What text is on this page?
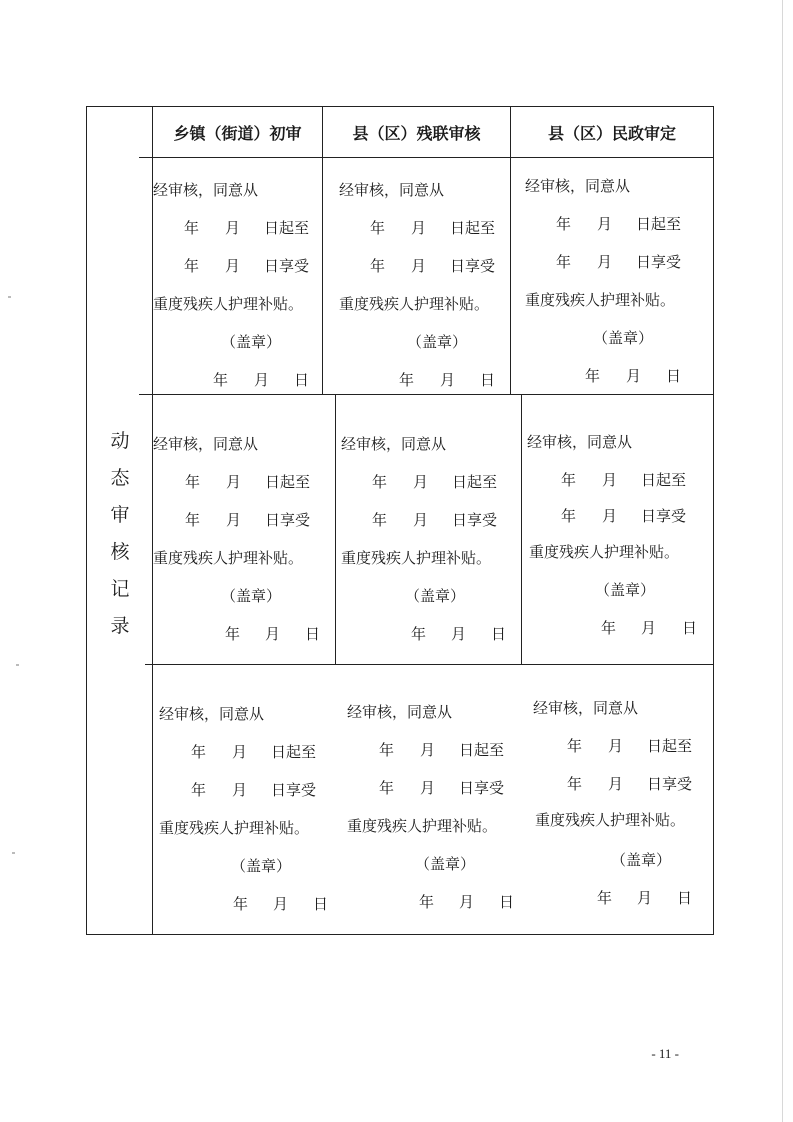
动
态
审
核
记
录
乡镇（街道）初审	县（区）残联审核	县（区）民政审定
经审核，同意从
年 月 日起至
年 月 日享受
重度残疾人护理补贴。
（盖章）
年 月 日
经审核，同意从
年 月 日起至
年 月 日享受
重度残疾人护理补贴。
（盖章）
年 月 日
经审核，同意从
年 月 日起至
年 月 日享受
重度残疾人护理补贴。
（盖章）
年 月 日
经审核，同意从
年 月 日起至
年 月 日享受
重度残疾人护理补贴。
（盖章）
年 月 日
经审核，同意从
年 月 日起至
年 月 日享受
重度残疾人护理补贴。
（盖章）
年 月 日
经审核，同意从
年 月 日起至
年 月 日享受
重度残疾人护理补贴。
（盖章）
年 月 日
经审核，同意从
年 月 日起至
年 月 日享受
重度残疾人护理补贴。
（盖章）
年 月 日
经审核，同意从
年 月 日起至
年 月 日享受
重度残疾人护理补贴。
（盖章）
年 月 日
经审核，同意从
年 月 日起至
年 月 日享受
重度残疾人护理补贴。
（盖章）
年 月 日
- 11 -
